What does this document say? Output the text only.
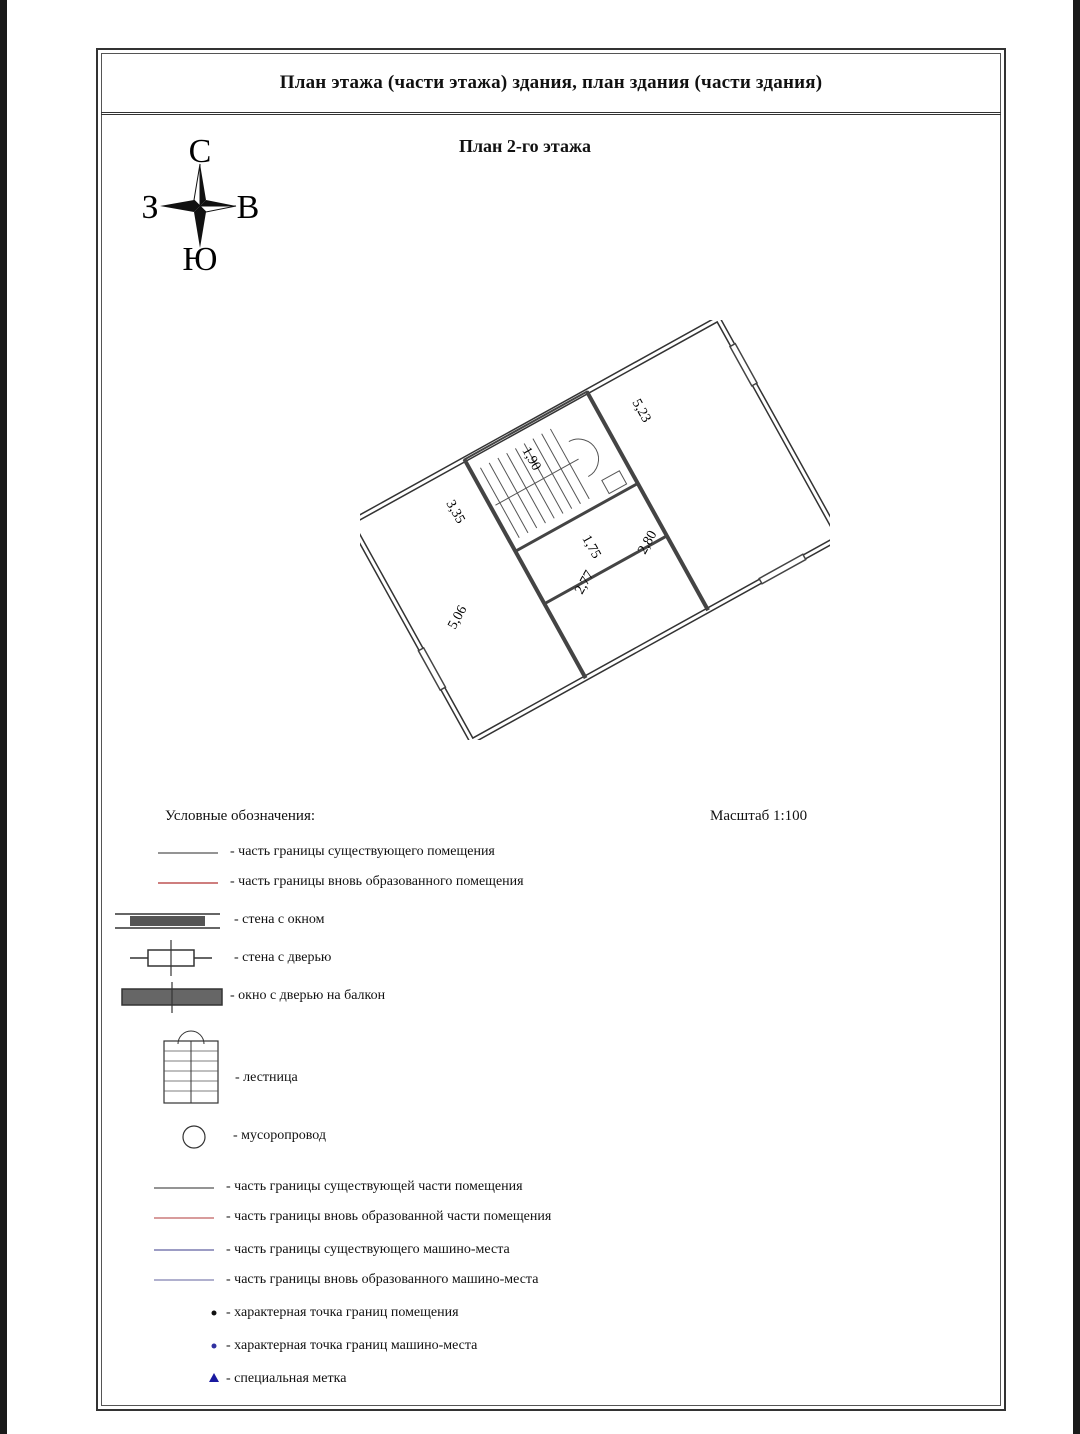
План этажа (части этажа) здания, план здания (части здания)
План 2-го этажа
С
Ю
З В
5,23
3,35
1,90
1,75
2,77
2,80
5,06
Условные обозначения:	Масштаб 1:100
- часть границы существующего помещения
- часть границы вновь образованного помещения
- стена с окном
- стена с дверью
- окно с дверью на балкон
- лестница
- мусоропровод
- часть границы существующей части помещения
- часть границы вновь образованной части помещения
- часть границы существующего машино-места
- часть границы вновь образованного машино-места
- характерная точка границ помещения
- характерная точка границ машино-места
- специальная метка
